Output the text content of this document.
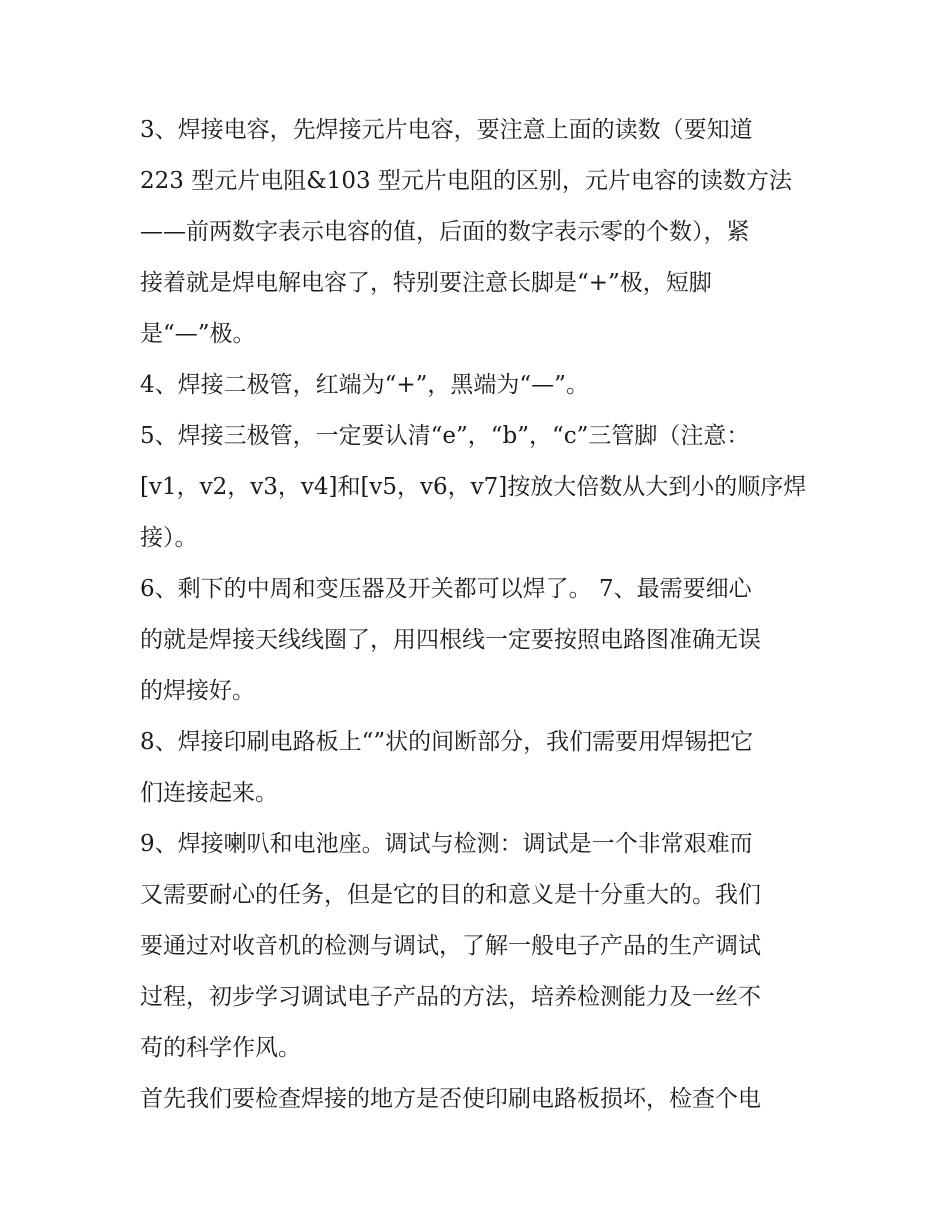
3、焊接电容，先焊接元片电容，要注意上面的读数（要知道
223 型元片电阻&103 型元片电阻的区别，元片电容的读数方法
——前两数字表示电容的值，后面的数字表示零的个数），紧
接着就是焊电解电容了，特别要注意长脚是“+”极，短脚
是“—”极。
4、焊接二极管，红端为“+”，黑端为“—”。
5、焊接三极管，一定要认清“e”，“b”，“c”三管脚（注意：
[v1，v2，v3，v4]和[v5，v6，v7]按放大倍数从大到小的顺序焊
接）。
6、剩下的中周和变压器及开关都可以焊了。 7、最需要细心
的就是焊接天线线圈了，用四根线一定要按照电路图准确无误
的焊接好。
8、焊接印刷电路板上“”状的间断部分，我们需要用焊锡把它
们连接起来。
9、焊接喇叭和电池座。调试与检测：调试是一个非常艰难而
又需要耐心的任务，但是它的目的和意义是十分重大的。我们
要通过对收音机的检测与调试，了解一般电子产品的生产调试
过程，初步学习调试电子产品的方法，培养检测能力及一丝不
苟的科学作风。
首先我们要检查焊接的地方是否使印刷电路板损坏，检查个电
